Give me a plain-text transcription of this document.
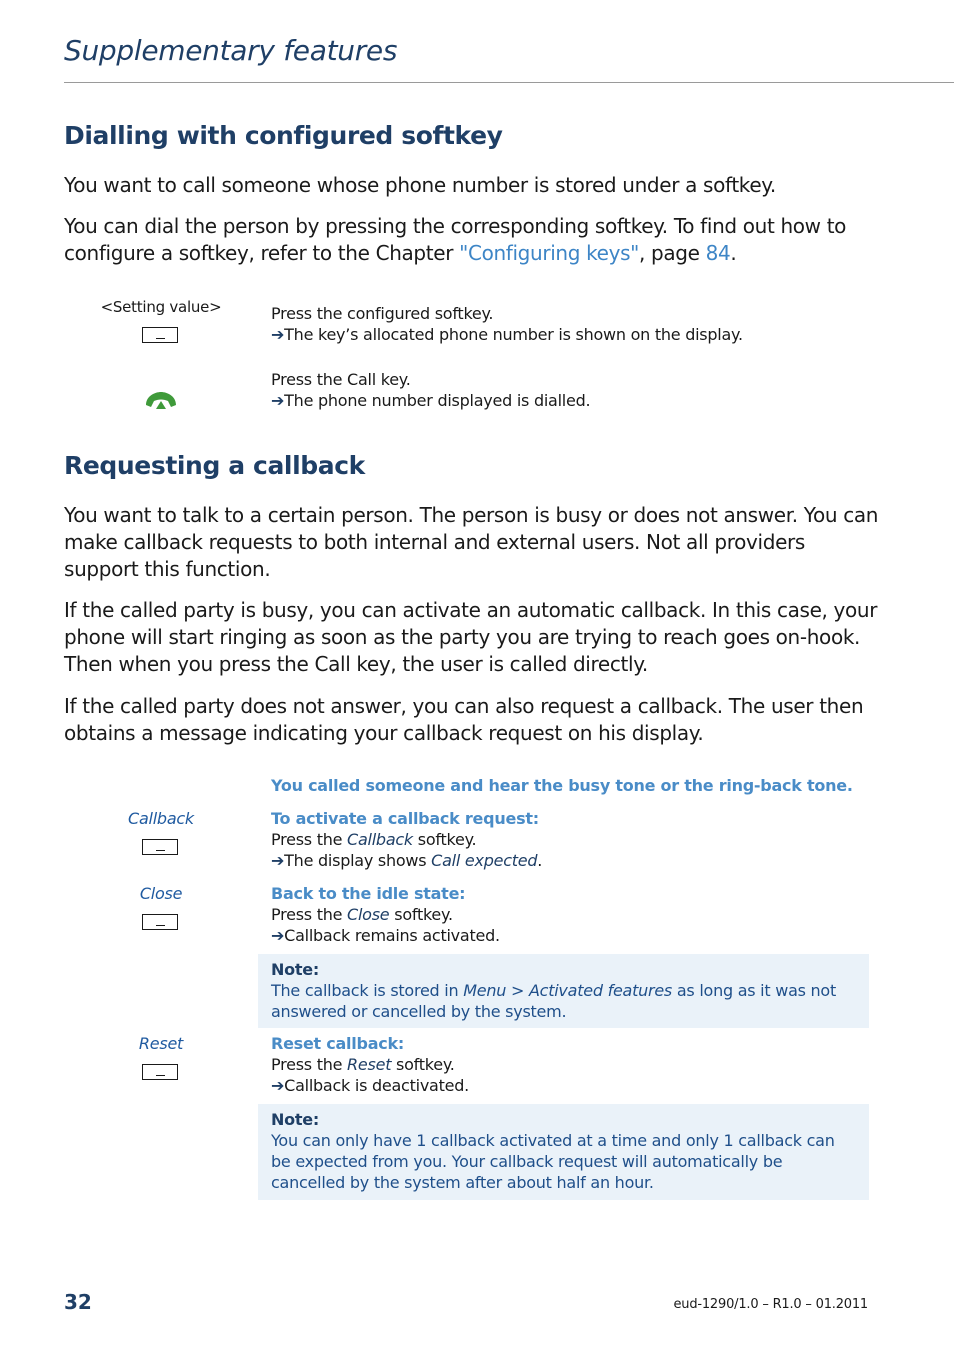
Supplementary features
Dialling with configured softkey
You want to call someone whose phone number is stored under a softkey.
You can dial the person by pressing the corresponding softkey. To find out how to configure a softkey, refer to the Chapter "Configuring keys", page 84.
<Setting value>	Press the configured softkey.
➔The key’s allocated phone number is shown on the display.
Press the Call key.
➔The phone number displayed is dialled.
Requesting a callback
You want to talk to a certain person. The person is busy or does not answer. You can make callback requests to both internal and external users. Not all providers support this function.
If the called party is busy, you can activate an automatic callback. In this case, your phone will start ringing as soon as the party you are trying to reach goes on-hook. Then when you press the Call key, the user is called directly.
If the called party does not answer, you can also request a callback. The user then obtains a message indicating your callback request on his display.
You called someone and hear the busy tone or the ring-back tone.
Callback	To activate a callback request:
Press the Callback softkey.
➔The display shows Call expected.
Close	Back to the idle state:
Press the Close softkey.
➔Callback remains activated.
Note:
The callback is stored in Menu > Activated features as long as it was not answered or cancelled by the system.
Reset	Reset callback:
Press the Reset softkey.
➔Callback is deactivated.
Note:
You can only have 1 callback activated at a time and only 1 callback can be expected from you. Your callback request will automatically be cancelled by the system after about half an hour.
32	eud-1290/1.0 – R1.0 – 01.2011
